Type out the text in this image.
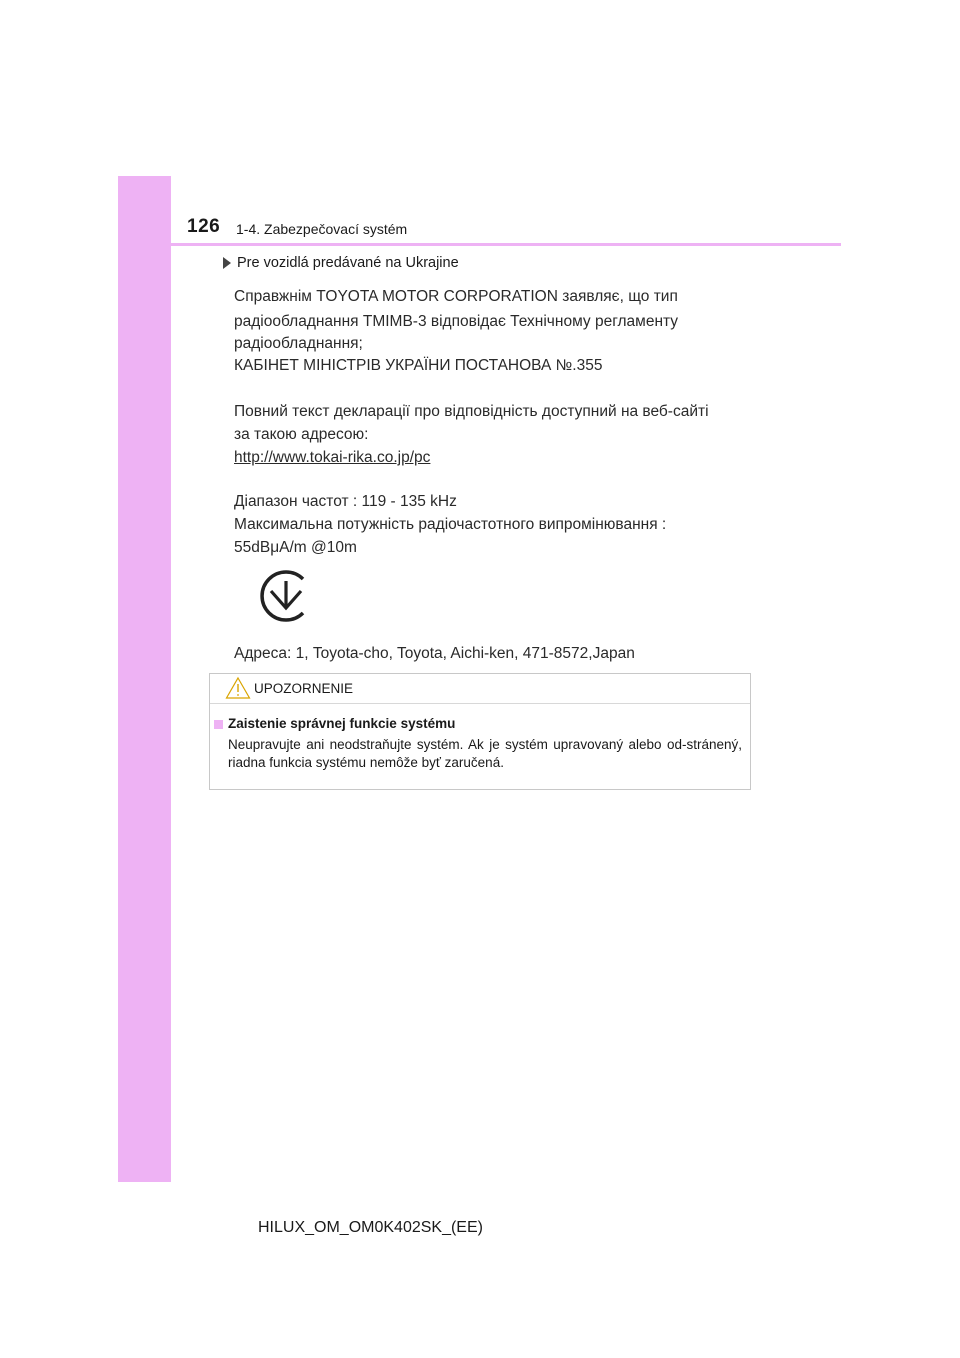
126 1-4. Zabezpečovací systém
Pre vozidlá predávané na Ukrajine
Справжнім TOYOTA MOTOR CORPORATION заявляє, що тип
радіообладнання TMIMB-3 відповідає Технічному регламенту
радіообладнання;
КАБІНЕТ МІНІСТРІВ УКРАЇНИ ПОСТАНОВА №.355
Повний текст декларації про відповідність доступний на веб-сайті
за такою адресою:
http://www.tokai-rika.co.jp/pc
Діапазон частот : 119 - 135 kHz
Максимальна потужність радіочастотного випромінювання :
55dBμA/m @10m
Адреса: 1, Toyota-cho, Toyota, Aichi-ken, 471-8572,Japan
UPOZORNENIE
Zaistenie správnej funkcie systému
Neupravujte ani neodstraňujte systém. Ak je systém upravovaný alebo od-stránený, riadna funkcia systému nemôže byť zaručená.
HILUX_OM_OM0K402SK_(EE)
